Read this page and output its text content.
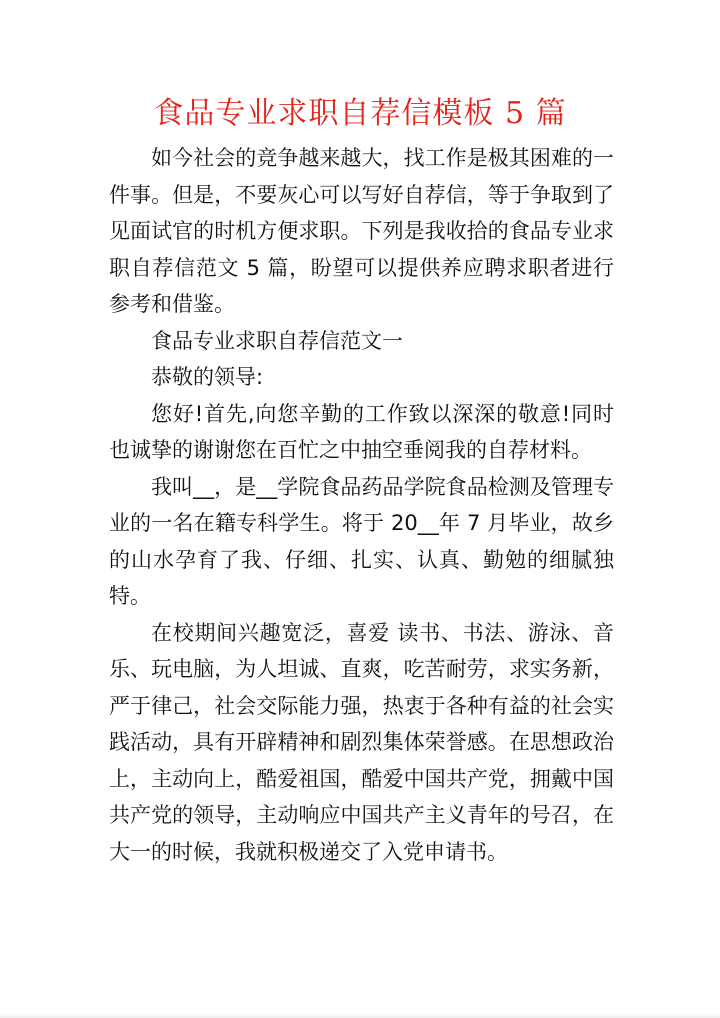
食品专业求职自荐信模板 5 篇

如今社会的竞争越来越大，找工作是极其困难的一件事。但是，不要灰心可以写好自荐信，等于争取到了见面试官的时机方便求职。下列是我收拾的食品专业求职自荐信范文 5 篇，盼望可以提供养应聘求职者进行参考和借鉴。

食品专业求职自荐信范文一

恭敬的领导:

您好!首先,向您辛勤的工作致以深深的敬意!同时也诚挚的谢谢您在百忙之中抽空垂阅我的自荐材料。

我叫__，是__学院食品药品学院食品检测及管理专业的一名在籍专科学生。将于 20__年 7 月毕业，故乡的山水孕育了我、仔细、扎实、认真、勤勉的细腻独特。

在校期间兴趣宽泛，喜爱 读书、书法、游泳、音乐、玩电脑，为人坦诚、直爽，吃苦耐劳，求实务新，严于律己，社会交际能力强，热衷于各种有益的社会实践活动，具有开辟精神和剧烈集体荣誉感。在思想政治上，主动向上，酷爱祖国，酷爱中国共产党，拥戴中国共产党的领导，主动响应中国共产主义青年的号召，在大一的时候，我就积极递交了入党申请书。
